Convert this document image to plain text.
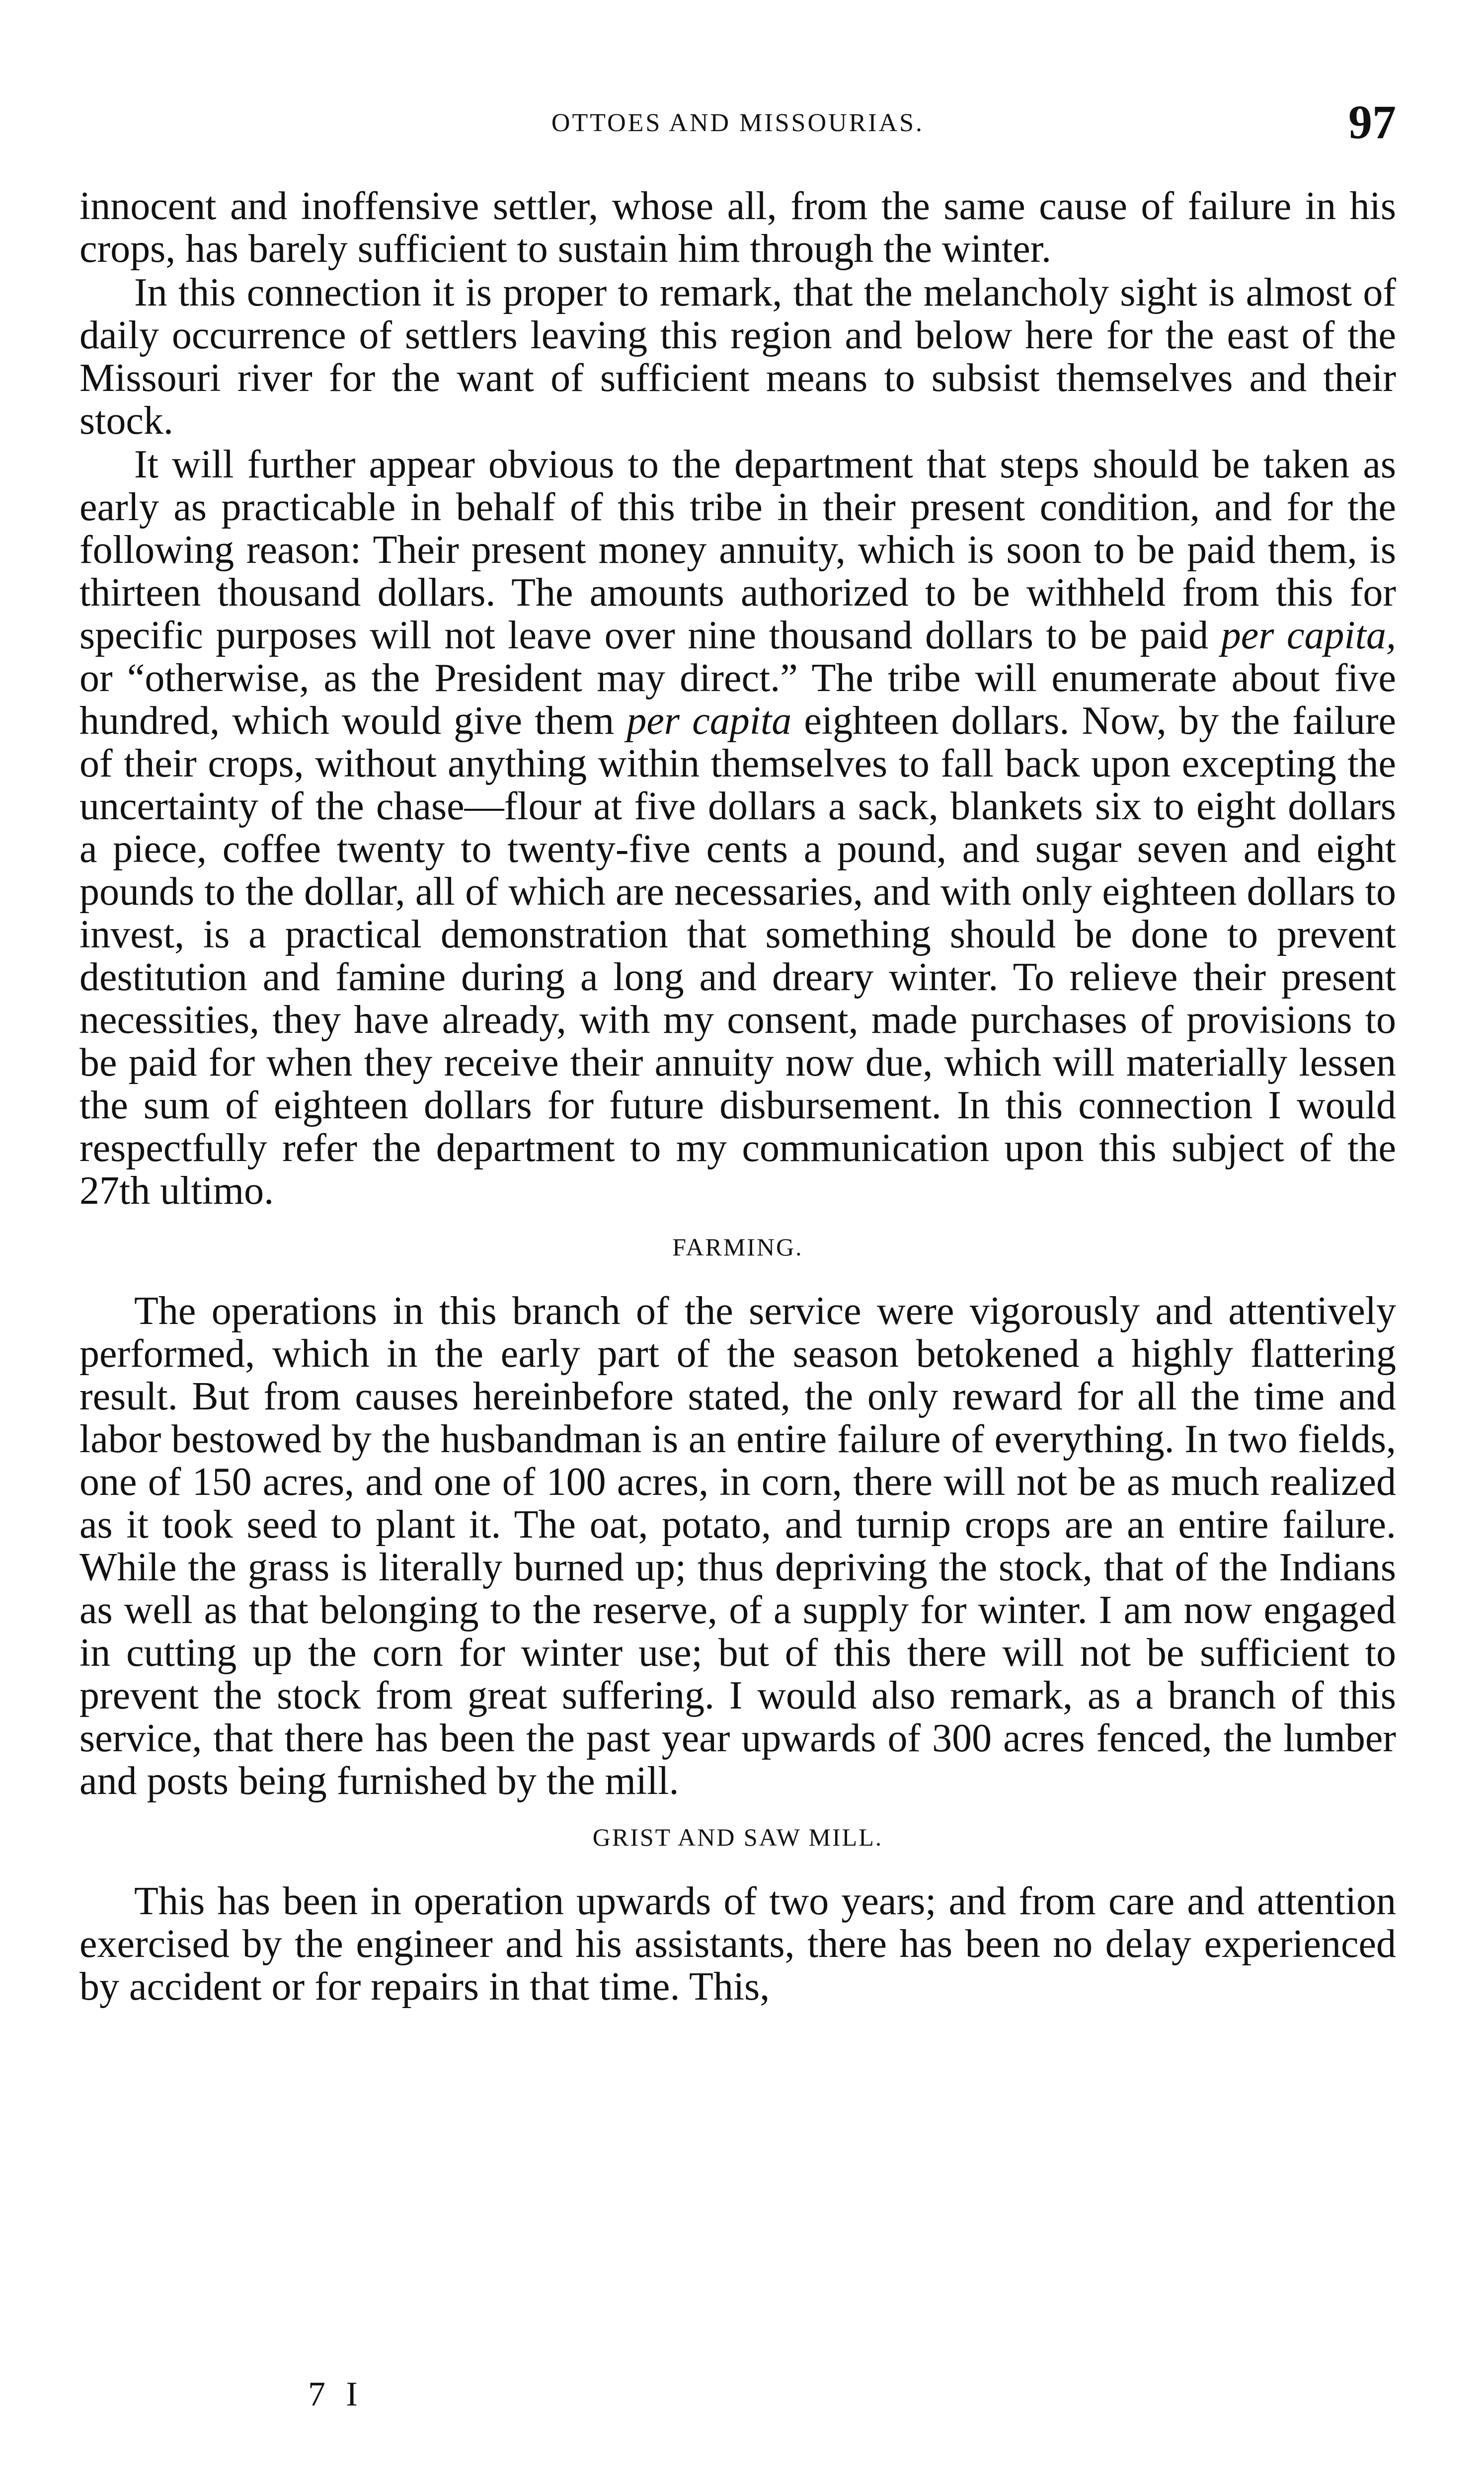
OTTOES AND MISSOURIAS.	97

innocent and inoffensive settler, whose all, from the same cause of failure in his crops, has barely sufficient to sustain him through the winter.

In this connection it is proper to remark, that the melancholy sight is almost of daily occurrence of settlers leaving this region and below here for the east of the Missouri river for the want of sufficient means to subsist themselves and their stock.

It will further appear obvious to the department that steps should be taken as early as practicable in behalf of this tribe in their present condition, and for the following reason: Their present money annuity, which is soon to be paid them, is thirteen thousand dollars. The amounts authorized to be withheld from this for specific purposes will not leave over nine thousand dollars to be paid per capita, or “otherwise, as the President may direct.” The tribe will enumerate about five hundred, which would give them per capita eighteen dollars. Now, by the failure of their crops, without anything within themselves to fall back upon excepting the uncertainty of the chase—flour at five dollars a sack, blankets six to eight dollars a piece, coffee twenty to twenty-five cents a pound, and sugar seven and eight pounds to the dollar, all of which are necessaries, and with only eighteen dollars to invest, is a practical demonstration that something should be done to prevent destitution and famine during a long and dreary winter. To relieve their present necessities, they have already, with my consent, made purchases of provisions to be paid for when they receive their annuity now due, which will materially lessen the sum of eighteen dollars for future disbursement. In this connection I would respectfully refer the department to my communication upon this subject of the 27th ultimo.

FARMING.

The operations in this branch of the service were vigorously and attentively performed, which in the early part of the season betokened a highly flattering result. But from causes hereinbefore stated, the only reward for all the time and labor bestowed by the husbandman is an entire failure of everything. In two fields, one of 150 acres, and one of 100 acres, in corn, there will not be as much realized as it took seed to plant it. The oat, potato, and turnip crops are an entire failure. While the grass is literally burned up; thus depriving the stock, that of the Indians as well as that belonging to the reserve, of a supply for winter. I am now engaged in cutting up the corn for winter use; but of this there will not be sufficient to prevent the stock from great suffering. I would also remark, as a branch of this service, that there has been the past year upwards of 300 acres fenced, the lumber and posts being furnished by the mill.

GRIST AND SAW MILL.

This has been in operation upwards of two years; and from care and attention exercised by the engineer and his assistants, there has been no delay experienced by accident or for repairs in that time. This,

7 I
